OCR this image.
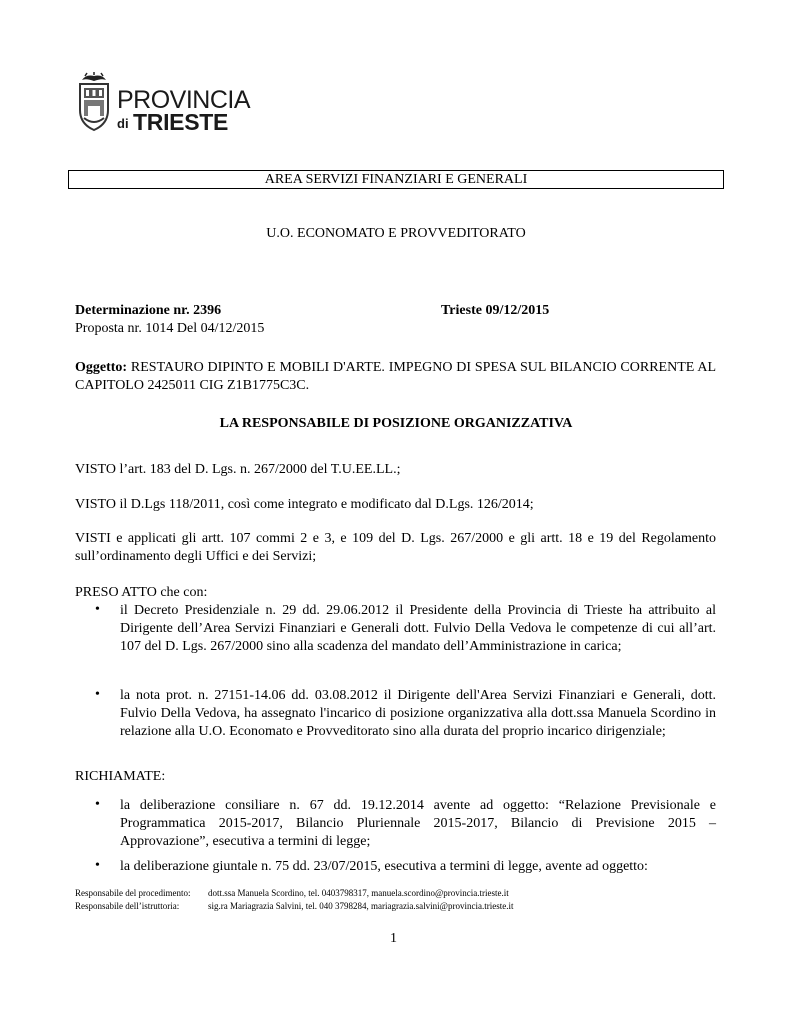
PROVINCIA
di TRIESTE
AREA SERVIZI FINANZIARI E GENERALI
U.O. ECONOMATO E PROVVEDITORATO
Determinazione nr. 2396	Trieste 09/12/2015
Proposta nr. 1014 Del 04/12/2015
Oggetto: RESTAURO DIPINTO E MOBILI D'ARTE. IMPEGNO DI SPESA SUL BILANCIO CORRENTE AL CAPITOLO 2425011 CIG Z1B1775C3C.
LA RESPONSABILE DI POSIZIONE ORGANIZZATIVA
VISTO l’art. 183 del D. Lgs. n. 267/2000 del T.U.EE.LL.;
VISTO il D.Lgs 118/2011, così come integrato e modificato dal D.Lgs. 126/2014;
VISTI e applicati gli artt. 107 commi 2 e 3, e 109 del D. Lgs. 267/2000 e gli artt. 18 e 19 del Regolamento sull’ordinamento degli Uffici e dei Servizi;
PRESO ATTO che con:
• il Decreto Presidenziale n. 29 dd. 29.06.2012 il Presidente della Provincia di Trieste ha attribuito al Dirigente dell’Area Servizi Finanziari e Generali dott. Fulvio Della Vedova le competenze di cui all’art. 107 del D. Lgs. 267/2000 sino alla scadenza del mandato dell’Amministrazione in carica;
• la nota prot. n. 27151-14.06 dd. 03.08.2012 il Dirigente dell'Area Servizi Finanziari e Generali, dott. Fulvio Della Vedova, ha assegnato l'incarico di posizione organizzativa alla dott.ssa Manuela Scordino in relazione alla U.O. Economato e Provveditorato sino alla durata del proprio incarico dirigenziale;
RICHIAMATE:
• la deliberazione consiliare n. 67 dd. 19.12.2014 avente ad oggetto: “Relazione Previsionale e Programmatica 2015-2017, Bilancio Pluriennale 2015-2017, Bilancio di Previsione 2015 – Approvazione”, esecutiva a termini di legge;
• la deliberazione giuntale n. 75 dd. 23/07/2015, esecutiva a termini di legge, avente ad oggetto:
Responsabile del procedimento: dott.ssa Manuela Scordino, tel. 0403798317, manuela.scordino@provincia.trieste.it
Responsabile dell’istruttoria:	sig.ra Mariagrazia Salvini, tel. 040 3798284, mariagrazia.salvini@provincia.trieste.it
1
